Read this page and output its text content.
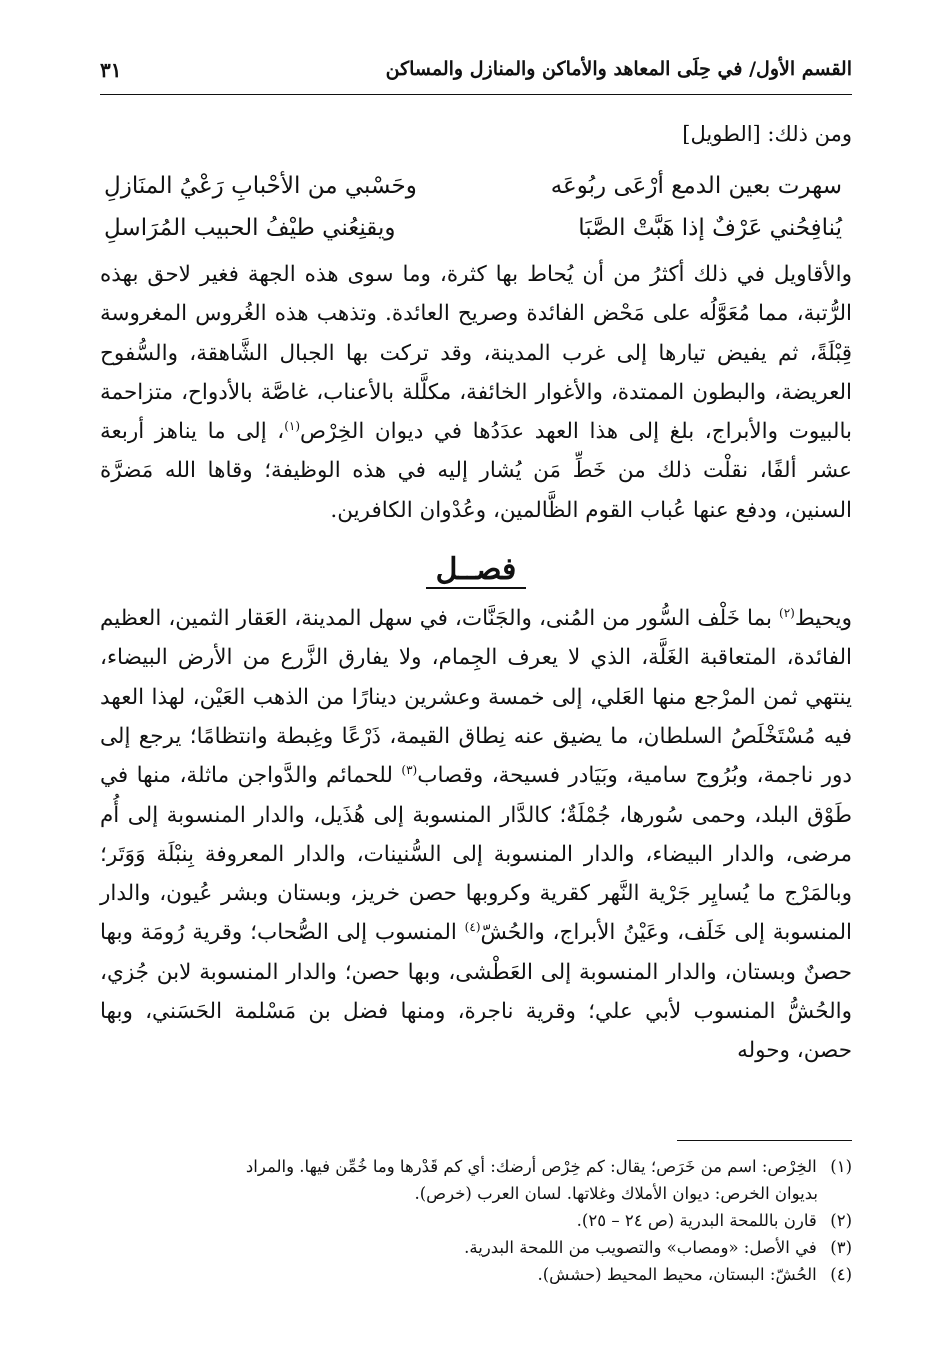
القسم الأول/ في حِلَى المعاهد والأماكن والمنازل والمساكن
٣١
ومن ذلك: [الطويل]
سهرت بعين الدمع أرْعَى ربُوعَه
وحَسْبي من الأحْبابِ رَعْيُ المنَازلِ
يُنافِحُني عَرْفٌ إذا هَبَّتْ الصَّبَا
ويقنِعُني طيْفُ الحبيب المُرَاسلِ

والأقاويل في ذلك أكثرُ من أن يُحاط بها كثرة، وما سوى هذه الجهة فغير لاحق بهذه الرُّتبة، مما مُعَوَّلُه على مَحْض الفائدة وصريح العائدة. وتذهب هذه الغُروس المغروسة قِبْلَةً، ثم يفيض تيارها إلى غرب المدينة، وقد تركت بها الجبال الشَّاهقة، والسُّفوح العريضة، والبطون الممتدة، والأغوار الخائفة، مكلَّلة بالأعناب، غاصَّة بالأدواح، متزاحمة بالبيوت والأبراج، بلغ إلى هذا العهد عدَدُها في ديوان الخِرْص$^{(١)}$، إلى ما يناهز أربعة عشر ألفًا، نقلْت ذلك من خَطِّ مَن يُشار إليه في هذه الوظيفة؛ وقاها الله مَضرَّة السنين، ودفع عنها عُباب القوم الظَّالمين، وعُدْوان الكافرين.

فصــل

ويحيط$^{(٢)}$ بما خَلْف السُّور من المُنى، والجَنَّات، في سهل المدينة، العَقار الثمين، العظيم الفائدة، المتعاقبة الغَلَّة، الذي لا يعرف الجِمام، ولا يفارق الزَّرع من الأرض البيضاء، ينتهي ثمن المرْجع منها العَلي، إلى خمسة وعشرين دينارًا من الذهب العَيْن، لهذا العهد فيه مُسْتَخْلَصُ السلطان، ما يضيق عنه نِطاق القيمة، ذَرْعًا وغِبطة وانتظامًا؛ يرجع إلى دور ناجمة، وبُرُوج سامية، وبَيَادر فسيحة، وقصاب$^{(٣)}$ للحمائم والدَّواجن ماثلة، منها في طَوْق البلد، وحمى سُورها، جُمْلَةٌ؛ كالدَّار المنسوبة إلى هُذَيل، والدار المنسوبة إلى أُم مرضى، والدار البيضاء، والدار المنسوبة إلى السُّنينات، والدار المعروفة بِنبْلَة وَوَتَر؛ وبالمَرْج ما يُسايِر جَرْية النَّهر كقرية وكروبها حصن خريز، وبستان وبشر عُيون، والدار المنسوبة إلى خَلَف، وعَيْنُ الأبراج، والحُشّ$^{(٤)}$ المنسوب إلى الصُّحاب؛ وقرية رُومَة وبها حصنٌ وبستان، والدار المنسوبة إلى العَطْشى، وبها حصن؛ والدار المنسوبة لابن جُزي، والحُشُّ المنسوب لأبي علي؛ وقرية ناجرة، ومنها فضل بن مَسْلمة الحَسَني، وبها حصن، وحوله

(١) الخِرْص: اسم من خَرَص؛ يقال: كم خِرْص أرضك: أي كم قَدْرها وما خُمِّن فيها. والمراد

بديوان الخرص: ديوان الأملاك وغلاتها. لسان العرب (خرص).

(٢) قارن باللمحة البدرية (ص ٢٤ – ٢٥).

(٣) في الأصل: «ومصاب» والتصويب من اللمحة البدرية.

(٤) الحُشّ: البستان، محيط المحيط (حشش).
